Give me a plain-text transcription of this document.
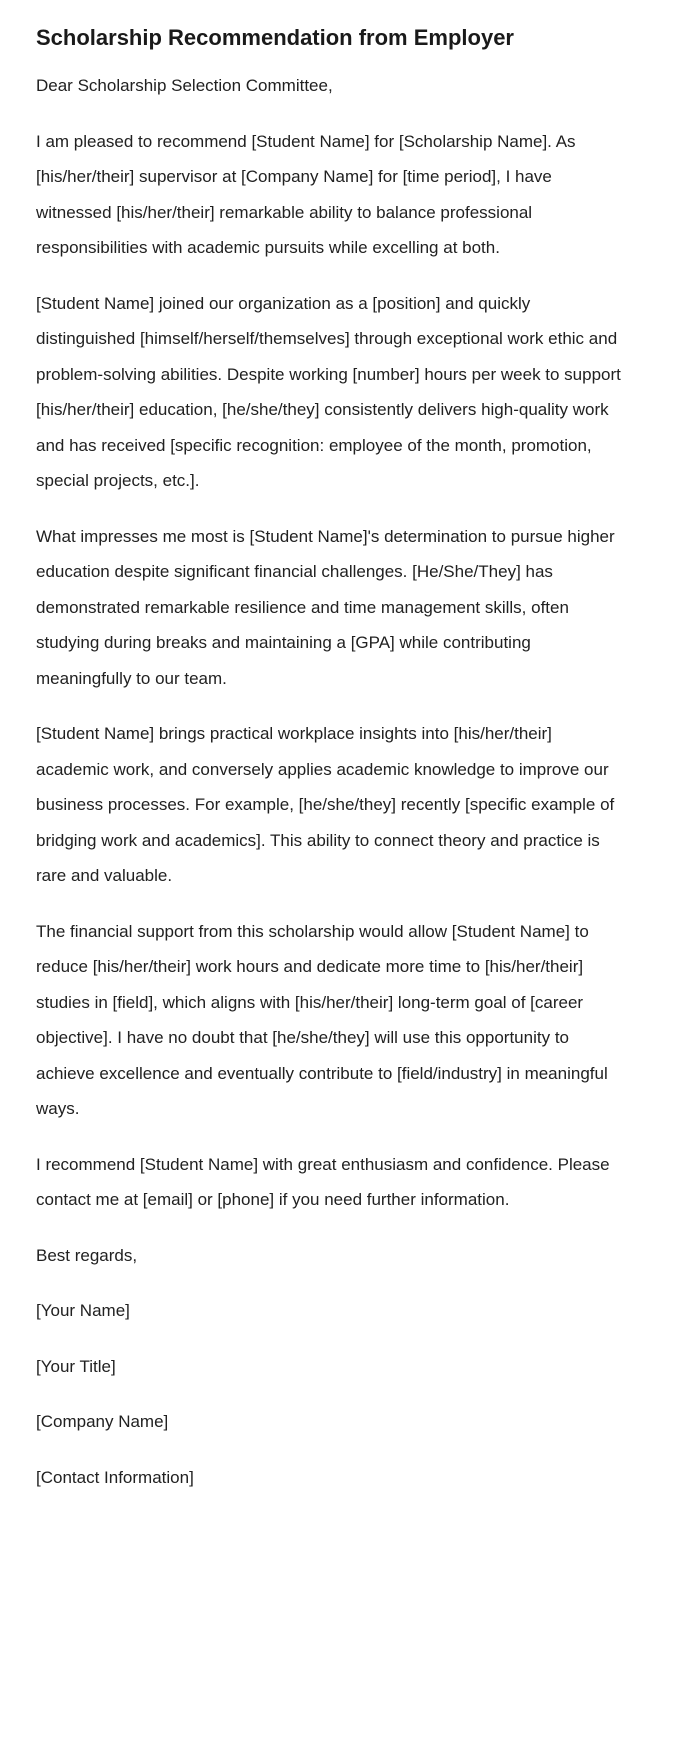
Scholarship Recommendation from Employer

Dear Scholarship Selection Committee,

I am pleased to recommend [Student Name] for [Scholarship Name]. As [his/her/their] supervisor at [Company Name] for [time period], I have witnessed [his/her/their] remarkable ability to balance professional responsibilities with academic pursuits while excelling at both.

[Student Name] joined our organization as a [position] and quickly distinguished [himself/herself/themselves] through exceptional work ethic and problem-solving abilities. Despite working [number] hours per week to support [his/her/their] education, [he/she/they] consistently delivers high-quality work and has received [specific recognition: employee of the month, promotion, special projects, etc.].

What impresses me most is [Student Name]'s determination to pursue higher education despite significant financial challenges. [He/She/They] has demonstrated remarkable resilience and time management skills, often studying during breaks and maintaining a [GPA] while contributing meaningfully to our team.

[Student Name] brings practical workplace insights into [his/her/their] academic work, and conversely applies academic knowledge to improve our business processes. For example, [he/she/they] recently [specific example of bridging work and academics]. This ability to connect theory and practice is rare and valuable.

The financial support from this scholarship would allow [Student Name] to reduce [his/her/their] work hours and dedicate more time to [his/her/their] studies in [field], which aligns with [his/her/their] long-term goal of [career objective]. I have no doubt that [he/she/they] will use this opportunity to achieve excellence and eventually contribute to [field/industry] in meaningful ways.

I recommend [Student Name] with great enthusiasm and confidence. Please contact me at [email] or [phone] if you need further information.

Best regards,

[Your Name]

[Your Title]

[Company Name]

[Contact Information]
